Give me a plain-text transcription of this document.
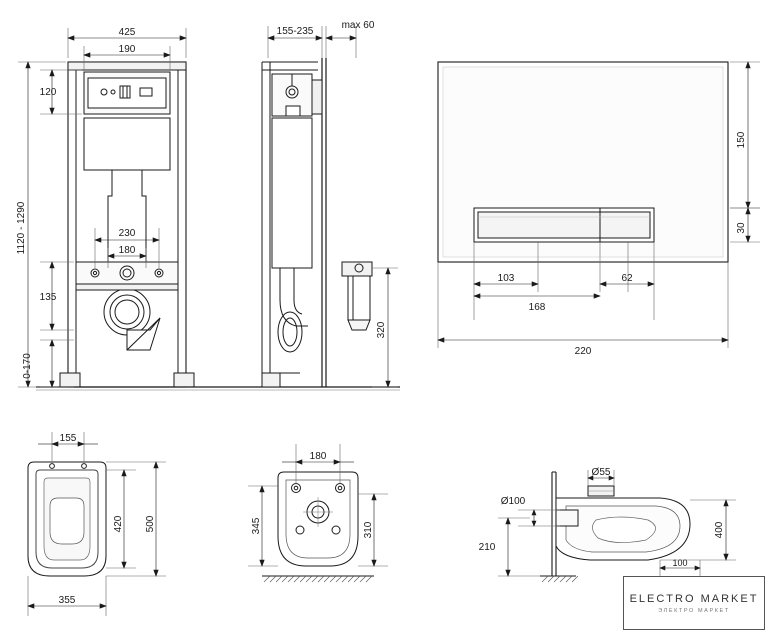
425
190
120
1120 - 1290
135
0-170
230
180
155-235
max 60
320
150
30
103	62
168
220
155
420 500
355
180
345	310
Ø55
Ø100
210
400
100
ELECTRO MARKET
ЭЛЕКТРО МАРКЕТ
